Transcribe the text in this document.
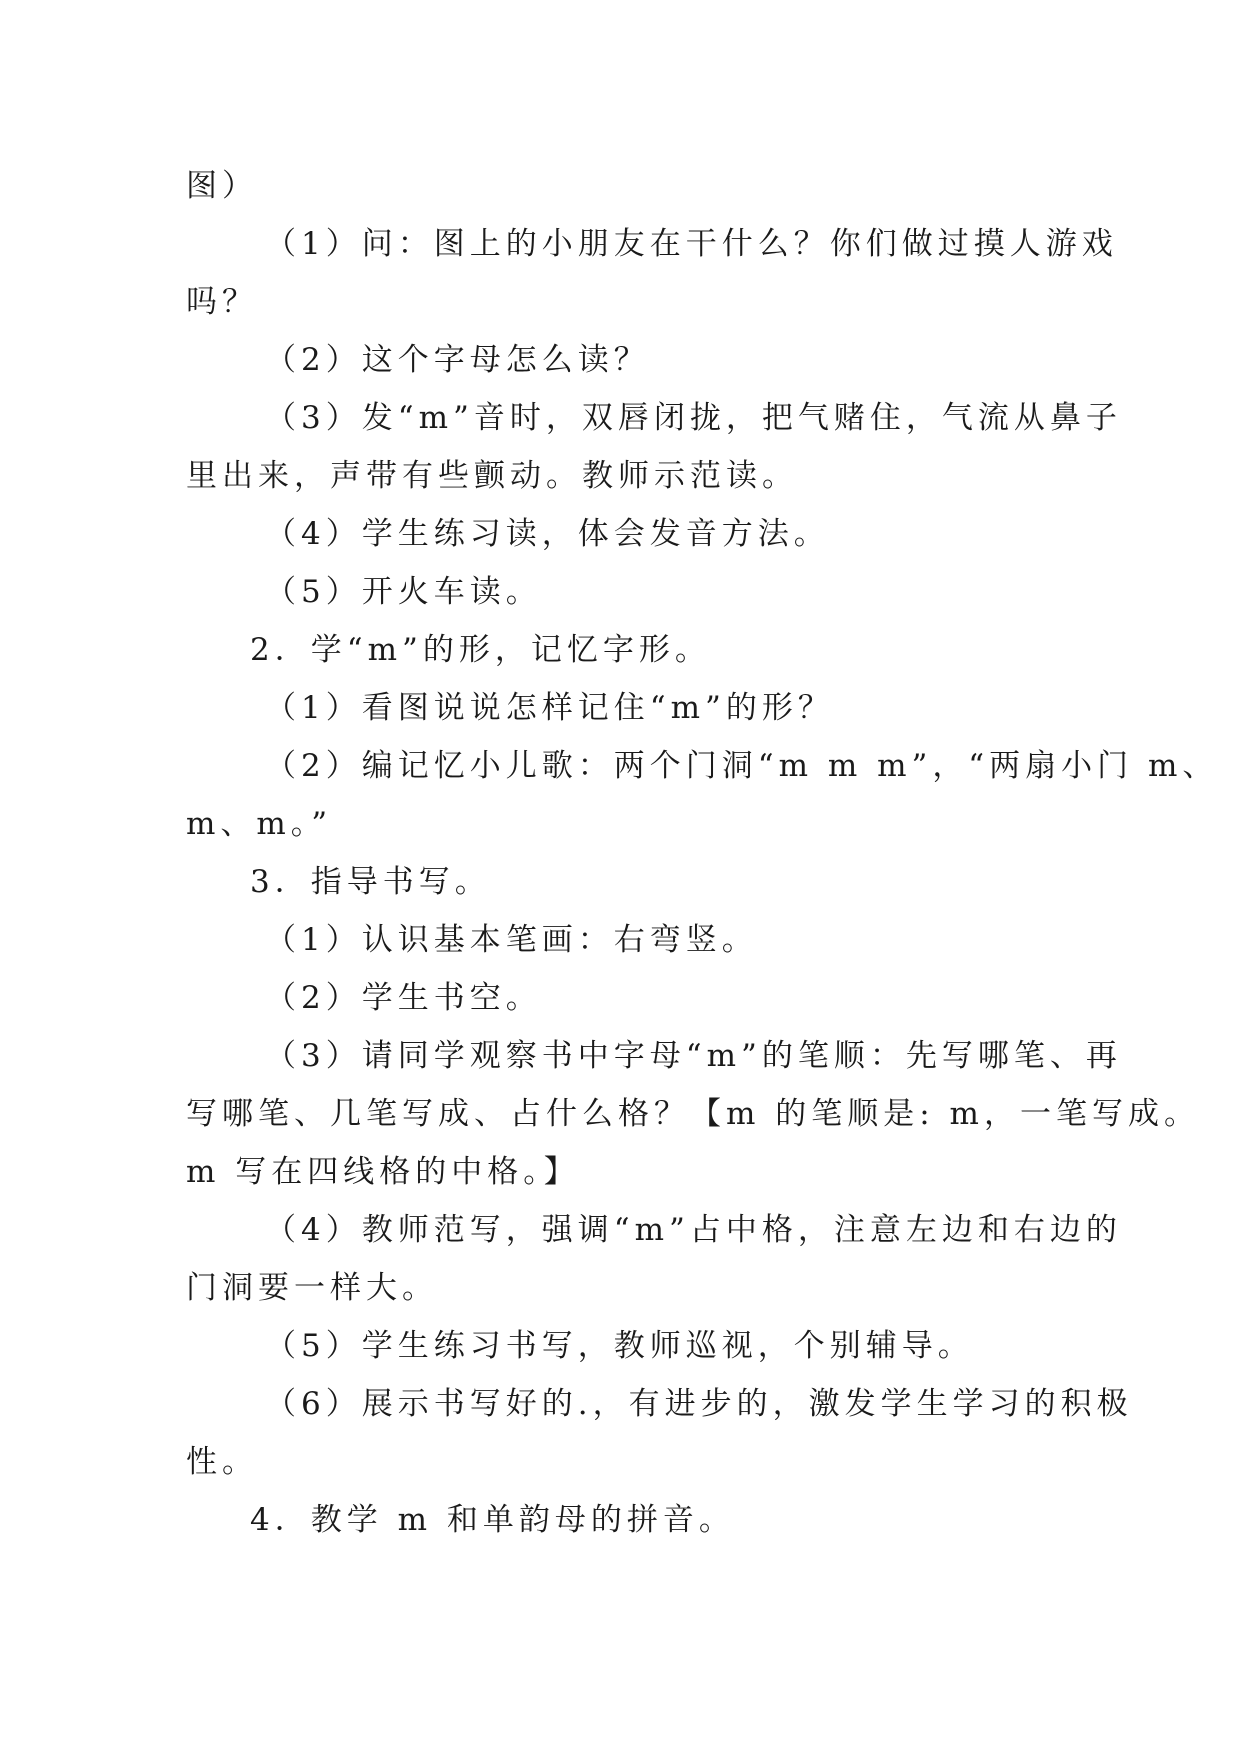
图）

（1）问：图上的小朋友在干什么？你们做过摸人游戏

吗？

（2）这个字母怎么读？

（3）发“m”音时，双唇闭拢，把气赌住，气流从鼻子

里出来，声带有些颤动。教师示范读。

（4）学生练习读，体会发音方法。

（5）开火车读。

2．学“m”的形，记忆字形。

（1）看图说说怎样记住“m”的形？

（2）编记忆小儿歌：两个门洞“m m m”，“两扇小门 m、

m、m。”

3．指导书写。

（1）认识基本笔画：右弯竖。

（2）学生书空。

（3）请同学观察书中字母“m”的笔顺：先写哪笔、再

写哪笔、几笔写成、占什么格？【m 的笔顺是: m，一笔写成。

m 写在四线格的中格。】

（4）教师范写，强调“m”占中格，注意左边和右边的

门洞要一样大。

（5）学生练习书写，教师巡视，个别辅导。

（6）展示书写好的.，有进步的，激发学生学习的积极

性。

4．教学 m 和单韵母的拼音。
